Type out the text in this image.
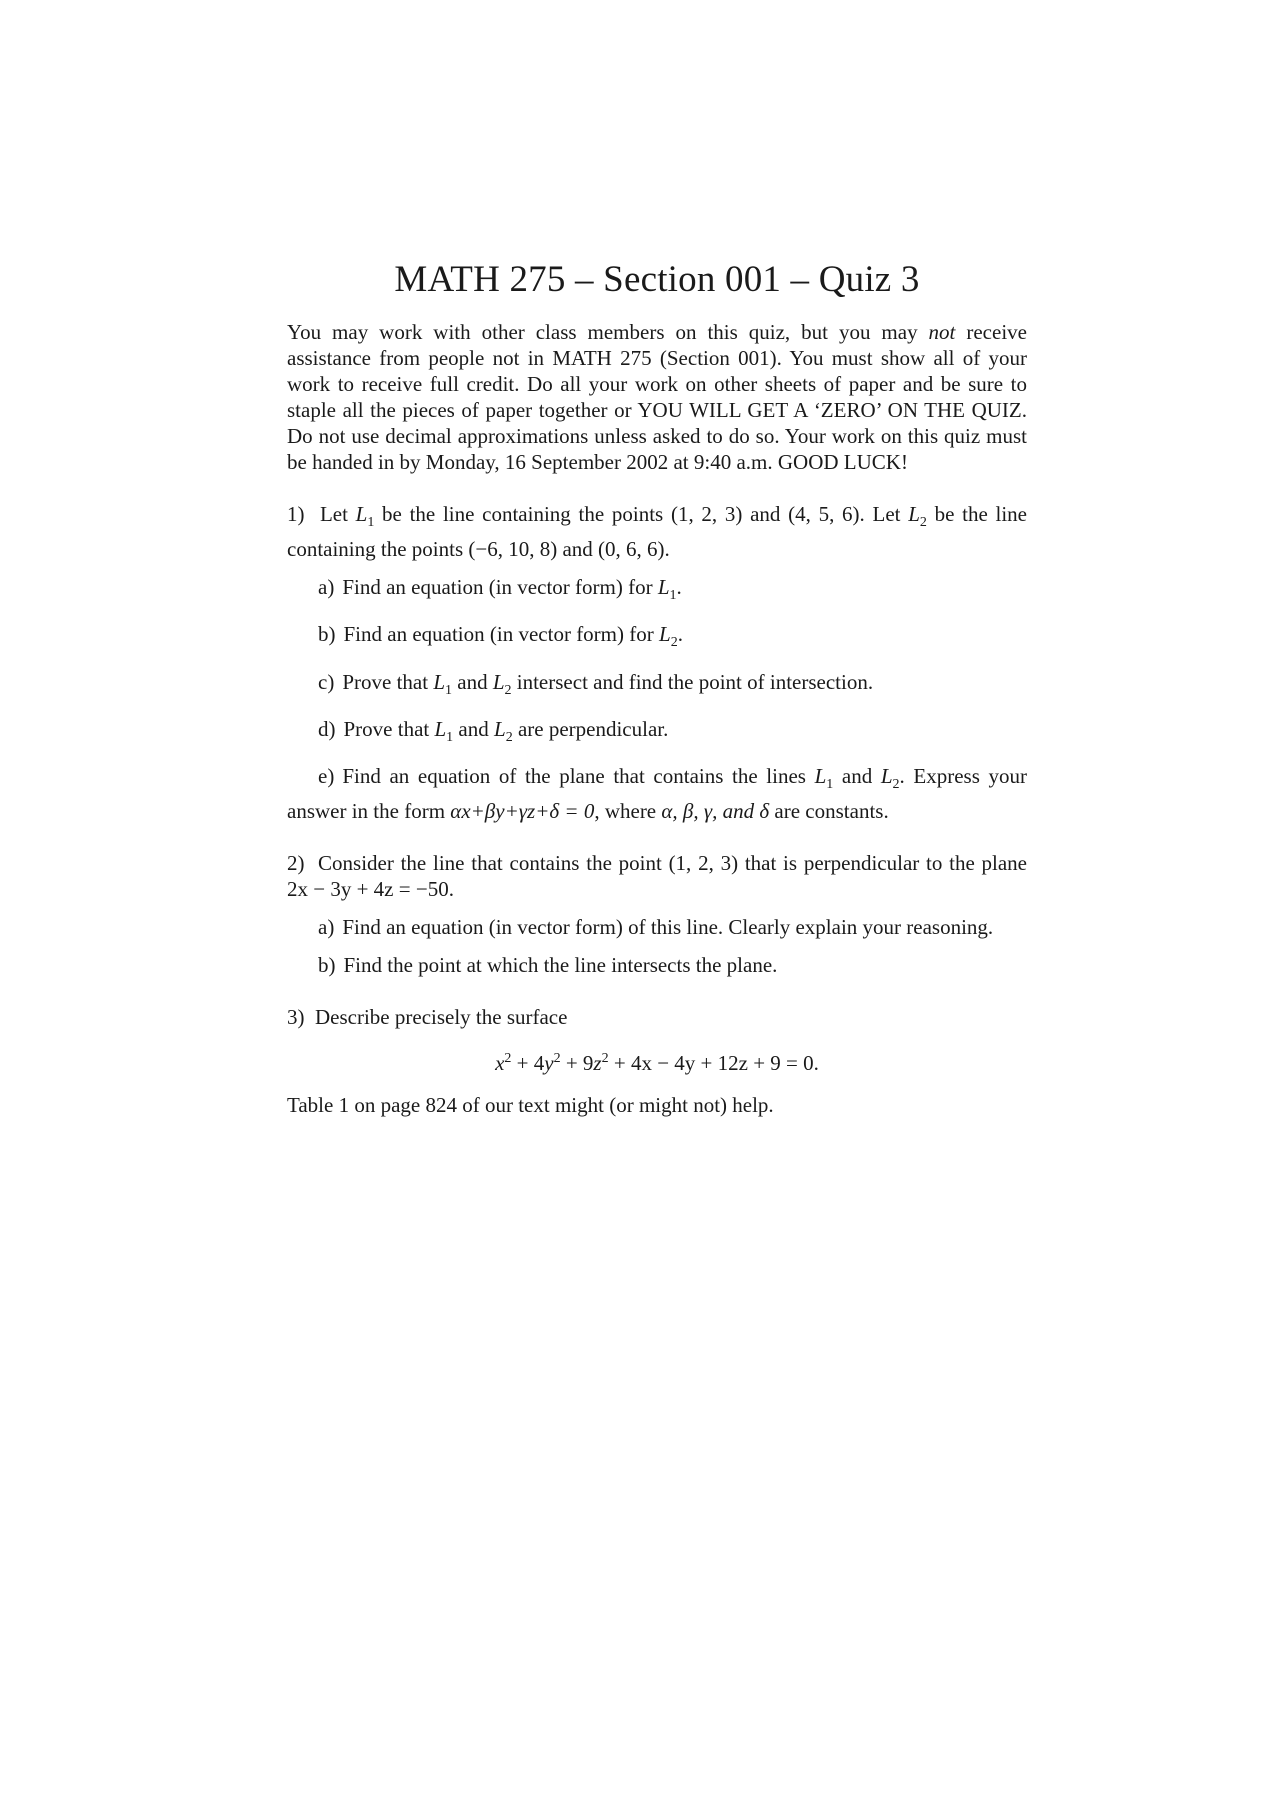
MATH 275 – Section 001 – Quiz 3

You may work with other class members on this quiz, but you may not receive assistance from people not in MATH 275 (Section 001). You must show all of your work to receive full credit. Do all your work on other sheets of paper and be sure to staple all the pieces of paper together or YOU WILL GET A ‘ZERO’ ON THE QUIZ. Do not use decimal approximations unless asked to do so. Your work on this quiz must be handed in by Monday, 16 September 2002 at 9:40 a.m. GOOD LUCK!

1) Let $L_1$ be the line containing the points (1, 2, 3) and (4, 5, 6). Let $L_2$ be the line containing the points (−6, 10, 8) and (0, 6, 6).

a) Find an equation (in vector form) for $L_1$.

b) Find an equation (in vector form) for $L_2$.

c) Prove that $L_1$ and $L_2$ intersect and find the point of intersection.

d) Prove that $L_1$ and $L_2$ are perpendicular.

e) Find an equation of the plane that contains the lines $L_1$ and $L_2$. Express your answer in the form αx+βy+γz+δ = 0, where α, β, γ, and δ are constants.

2) Consider the line that contains the point (1, 2, 3) that is perpendicular to the plane 2x − 3y + 4z = −50.

a) Find an equation (in vector form) of this line. Clearly explain your reasoning.

b) Find the point at which the line intersects the plane.

3) Describe precisely the surface

$x^2 + 4y^2 + 9z^2 + 4x - 4y + 12z + 9 = 0$.

Table 1 on page 824 of our text might (or might not) help.
